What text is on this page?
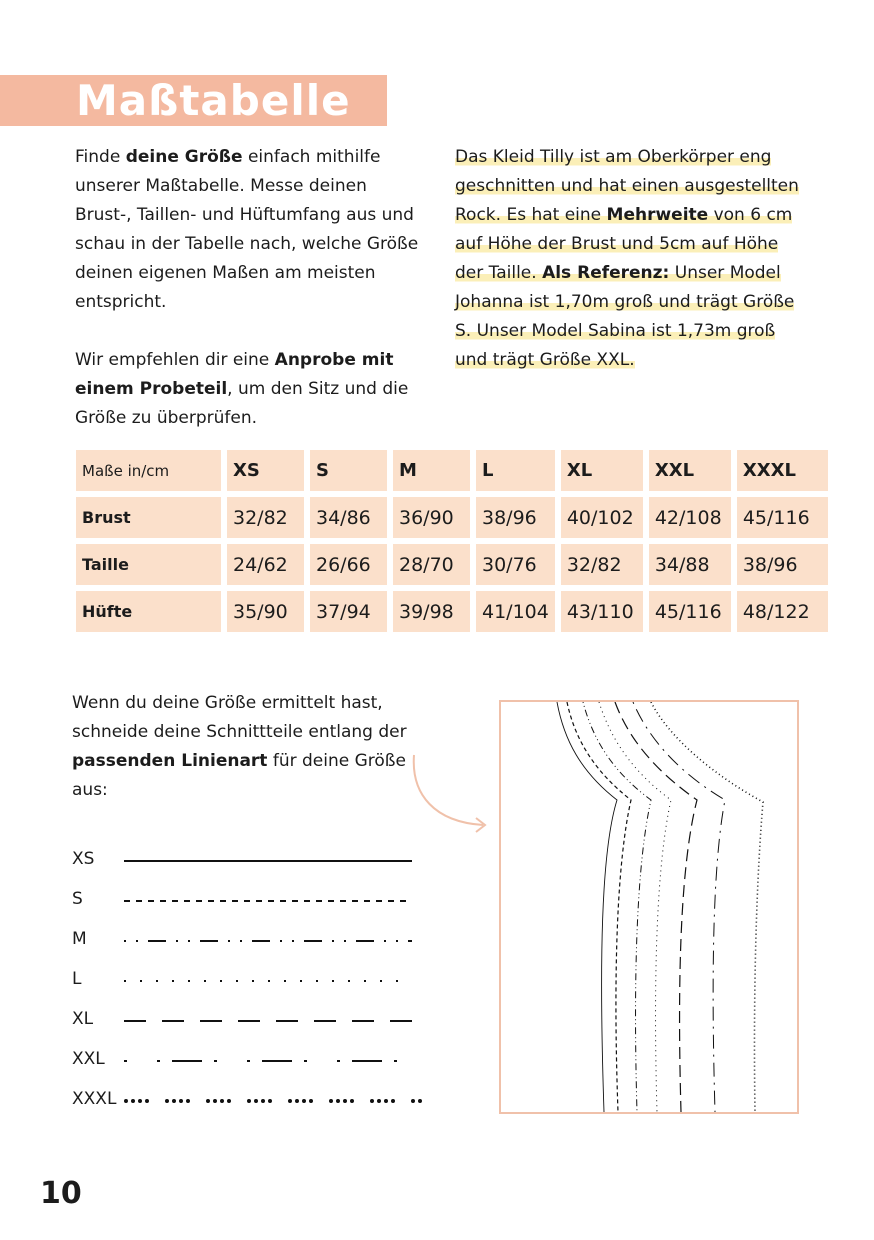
Maßtabelle

Finde deine Größe einfach mithilfe unserer Maßtabelle. Messe deinen Brust-, Taillen- und Hüftumfang aus und schau in der Tabelle nach, welche Größe deinen eigenen Maßen am meisten entspricht.

Wir empfehlen dir eine Anprobe mit einem Probeteil, um den Sitz und die Größe zu überprüfen.

Das Kleid Tilly ist am Oberkörper eng geschnitten und hat einen ausgestellten Rock. Es hat eine Mehrweite von 6 cm auf Höhe der Brust und 5cm auf Höhe der Taille. Als Referenz: Unser Model Johanna ist 1,70m groß und trägt Größe S. Unser Model Sabina ist 1,73m groß und trägt Größe XXL.
Maße in/cm	XS	S	M	L	XL	XXL	XXXL
Brust	32/82	34/86	36/90	38/96	40/102	42/108	45/116
Taille	24/62	26/66	28/70	30/76	32/82	34/88	38/96
Hüfte	35/90	37/94	39/98	41/104	43/110	45/116	48/122
Wenn du deine Größe ermittelt hast, schneide deine Schnittteile entlang der passenden Linienart für deine Größe aus:
XS
S
M
L
XL
XXL
XXXL
10
